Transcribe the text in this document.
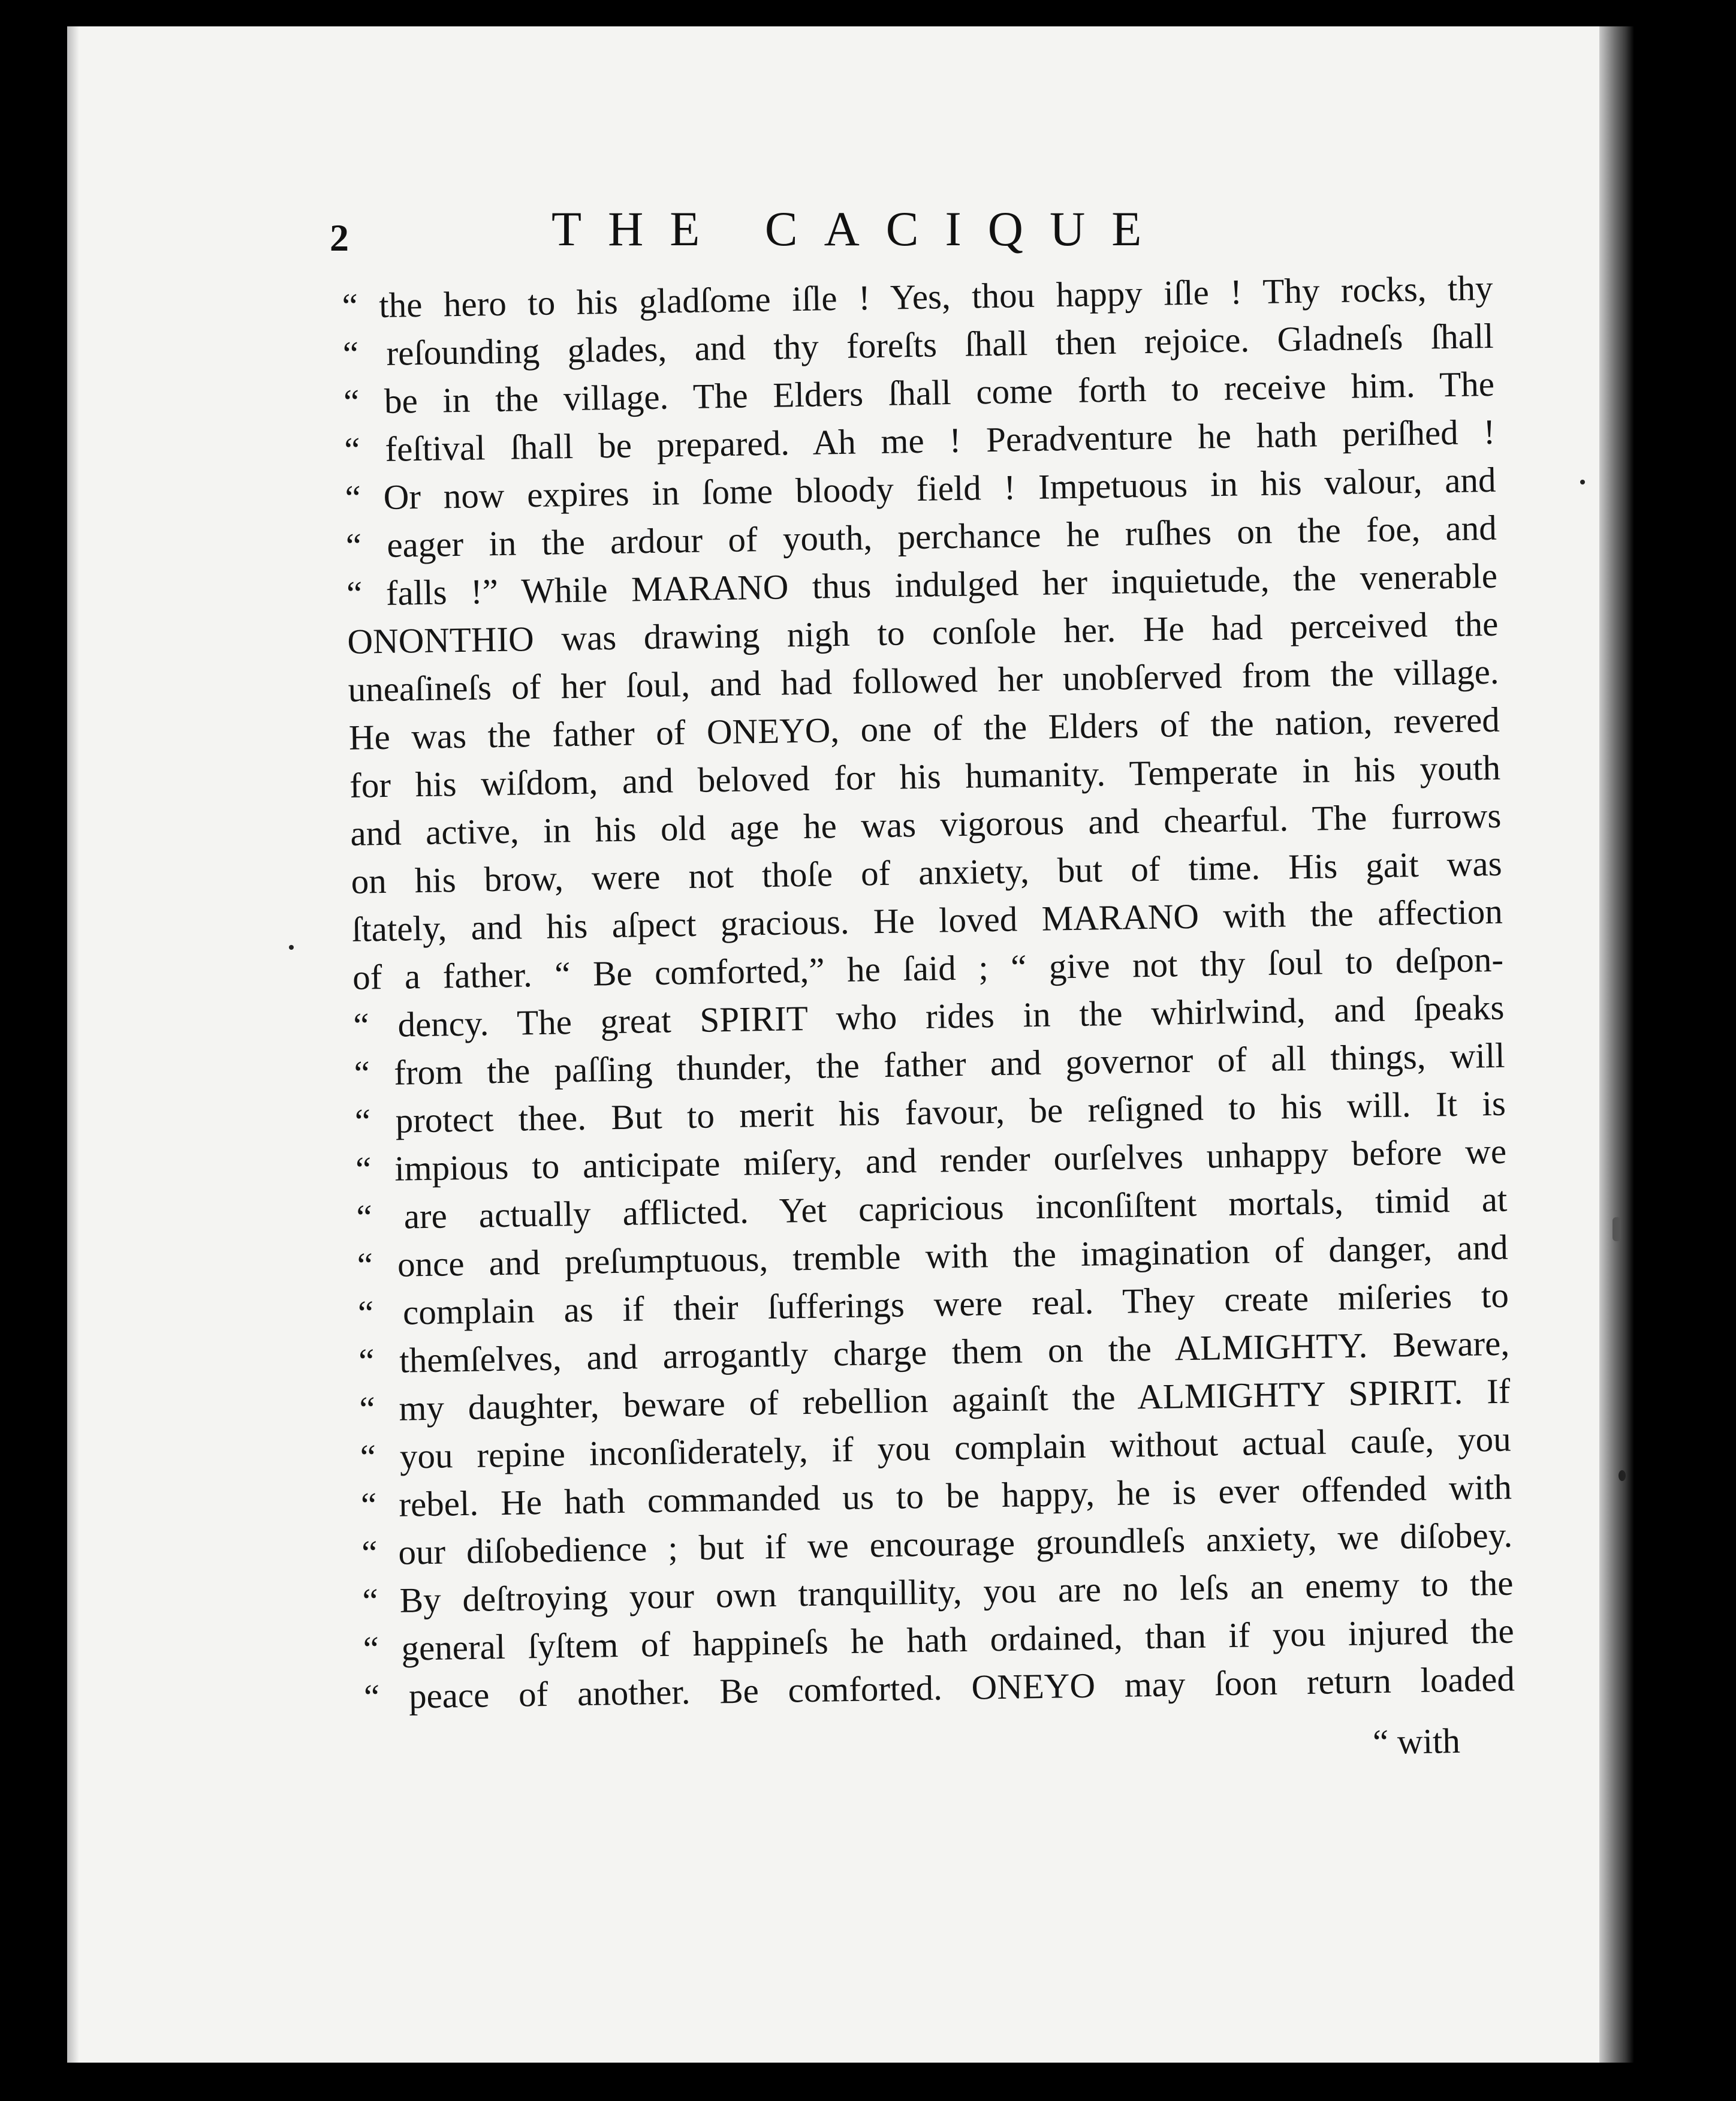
2	THE CACIQUE
“ the hero to his gladſome iſle ! Yes, thou happy iſle ! Thy rocks, thy
“ reſounding glades, and thy foreſts ſhall then rejoice. Gladneſs ſhall
“ be in the village. The Elders ſhall come forth to receive him. The
“ feſtival ſhall be prepared. Ah me ! Peradventure he hath periſhed !
“ Or now expires in ſome bloody field ! Impetuous in his valour, and
“ eager in the ardour of youth, perchance he ruſhes on the foe, and
“ falls !” While MARANO thus indulged her inquietude, the venerable
ONONTHIO was drawing nigh to conſole her. He had perceived the
uneaſineſs of her ſoul, and had followed her unobſerved from the village.
He was the father of ONEYO, one of the Elders of the nation, revered
for his wiſdom, and beloved for his humanity. Temperate in his youth
and active, in his old age he was vigorous and chearful. The furrows
on his brow, were not thoſe of anxiety, but of time. His gait was
ſtately, and his aſpect gracious. He loved MARANO with the affection
of a father. “ Be comforted,” he ſaid ; “ give not thy ſoul to deſpon-
“ dency. The great SPIRIT who rides in the whirlwind, and ſpeaks
“ from the paſſing thunder, the father and governor of all things, will
“ protect thee. But to merit his favour, be reſigned to his will. It is
“ impious to anticipate miſery, and render ourſelves unhappy before we
“ are actually afflicted. Yet capricious inconſiſtent mortals, timid at
“ once and preſumptuous, tremble with the imagination of danger, and
“ complain as if their ſufferings were real. They create miſeries to
“ themſelves, and arrogantly charge them on the ALMIGHTY. Beware,
“ my daughter, beware of rebellion againſt the ALMIGHTY SPIRIT. If
“ you repine inconſiderately, if you complain without actual cauſe, you
“ rebel. He hath commanded us to be happy, he is ever offended with
“ our diſobedience ; but if we encourage groundleſs anxiety, we diſobey.
“ By deſtroying your own tranquillity, you are no leſs an enemy to the
“ general ſyſtem of happineſs he hath ordained, than if you injured the
“ peace of another. Be comforted. ONEYO may ſoon return loaded
“ with
